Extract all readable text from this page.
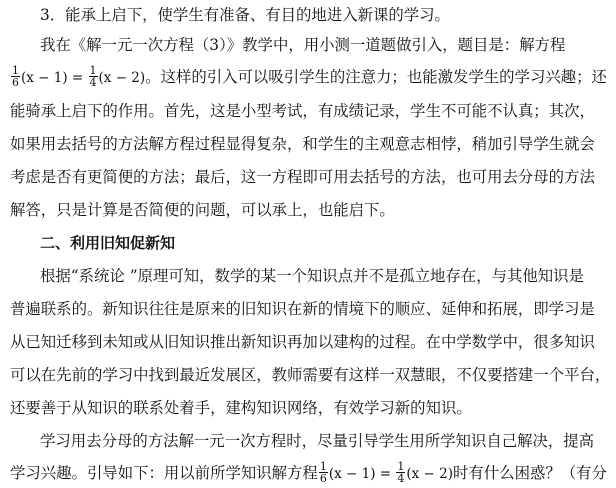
3．能承上启下，使学生有准备、有目的地进入新课的学习。
我在《解一元一次方程（3）》教学中，用小测一道题做引入，题目是：解方程
$\frac{1}{6} (x - 1) = \frac{1}{4} (x - 2)$。这样的引入可以吸引学生的注意力；也能激发学生的学习兴趣；还
能骑承上启下的作用。首先，这是小型考试，有成绩记录，学生不可能不认真；其次，
如果用去括号的方法解方程过程显得复杂，和学生的主观意志相悖，稍加引导学生就会
考虑是否有更简便的方法；最后，这一方程即可用去括号的方法，也可用去分母的方法
解答，只是计算是否简便的问题，可以承上，也能启下。
二、利用旧知促新知
根据“系统论 ”原理可知，数学的某一个知识点并不是孤立地存在，与其他知识是
普遍联系的。新知识往往是原来的旧知识在新的情境下的顺应、延伸和拓展，即学习是
从已知迁移到未知或从旧知识推出新知识再加以建构的过程。在中学数学中，很多知识
可以在先前的学习中找到最近发展区，教师需要有这样一双慧眼，不仅要搭建一个平台，
还要善于从知识的联系处着手，建构知识网络，有效学习新的知识。
学习用去分母的方法解一元一次方程时，尽量引导学生用所学知识自己解决，提高
学习兴趣。引导如下：用以前所学知识解方程 $\frac{1}{6} (x - 1) = \frac{1}{4} (x - 2)$时有什么困惑？（有分
